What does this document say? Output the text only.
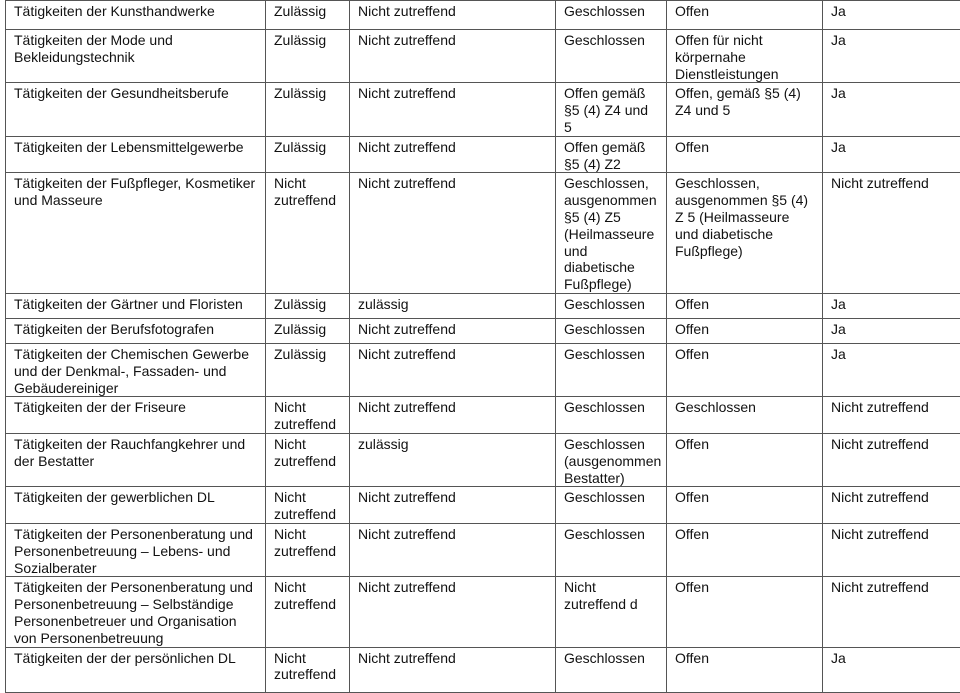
Tätigkeiten der Kunsthandwerke	Zulässig	Nicht zutreffend	Geschlossen	Offen	Ja
Tätigkeiten der Mode und Bekleidungstechnik	Zulässig	Nicht zutreffend	Geschlossen	Offen für nicht körpernahe Dienstleistungen	Ja
Tätigkeiten der Gesundheitsberufe	Zulässig	Nicht zutreffend	Offen gemäß §5 (4) Z4 und 5	Offen, gemäß §5 (4) Z4 und 5	Ja
Tätigkeiten der Lebensmittelgewerbe	Zulässig	Nicht zutreffend	Offen gemäß §5 (4) Z2	Offen	Ja
Tätigkeiten der Fußpfleger, Kosmetiker und Masseure	Nicht zutreffend	Nicht zutreffend	Geschlossen, ausgenommen §5 (4) Z5 (Heilmasseure und diabetische Fußpflege)	Geschlossen, ausgenommen §5 (4) Z 5 (Heilmasseure und diabetische Fußpflege)	Nicht zutreffend
Tätigkeiten der Gärtner und Floristen	Zulässig	zulässig	Geschlossen	Offen	Ja
Tätigkeiten der Berufsfotografen	Zulässig	Nicht zutreffend	Geschlossen	Offen	Ja
Tätigkeiten der Chemischen Gewerbe und der Denkmal-, Fassaden- und Gebäudereiniger	Zulässig	Nicht zutreffend	Geschlossen	Offen	Ja
Tätigkeiten der der Friseure	Nicht zutreffend	Nicht zutreffend	Geschlossen	Geschlossen	Nicht zutreffend
Tätigkeiten der Rauchfangkehrer und der Bestatter	Nicht zutreffend	zulässig	Geschlossen (ausgenommen Bestatter)	Offen	Nicht zutreffend
Tätigkeiten der gewerblichen DL	Nicht zutreffend	Nicht zutreffend	Geschlossen	Offen	Nicht zutreffend
Tätigkeiten der Personenberatung und Personenbetreuung – Lebens- und Sozialberater	Nicht zutreffend	Nicht zutreffend	Geschlossen	Offen	Nicht zutreffend
Tätigkeiten der Personenberatung und Personenbetreuung – Selbständige Personenbetreuer und Organisation von Personenbetreuung	Nicht zutreffend	Nicht zutreffend	Nicht zutreffend d	Offen	Nicht zutreffend
Tätigkeiten der der persönlichen DL	Nicht zutreffend	Nicht zutreffend	Geschlossen	Offen	Ja
